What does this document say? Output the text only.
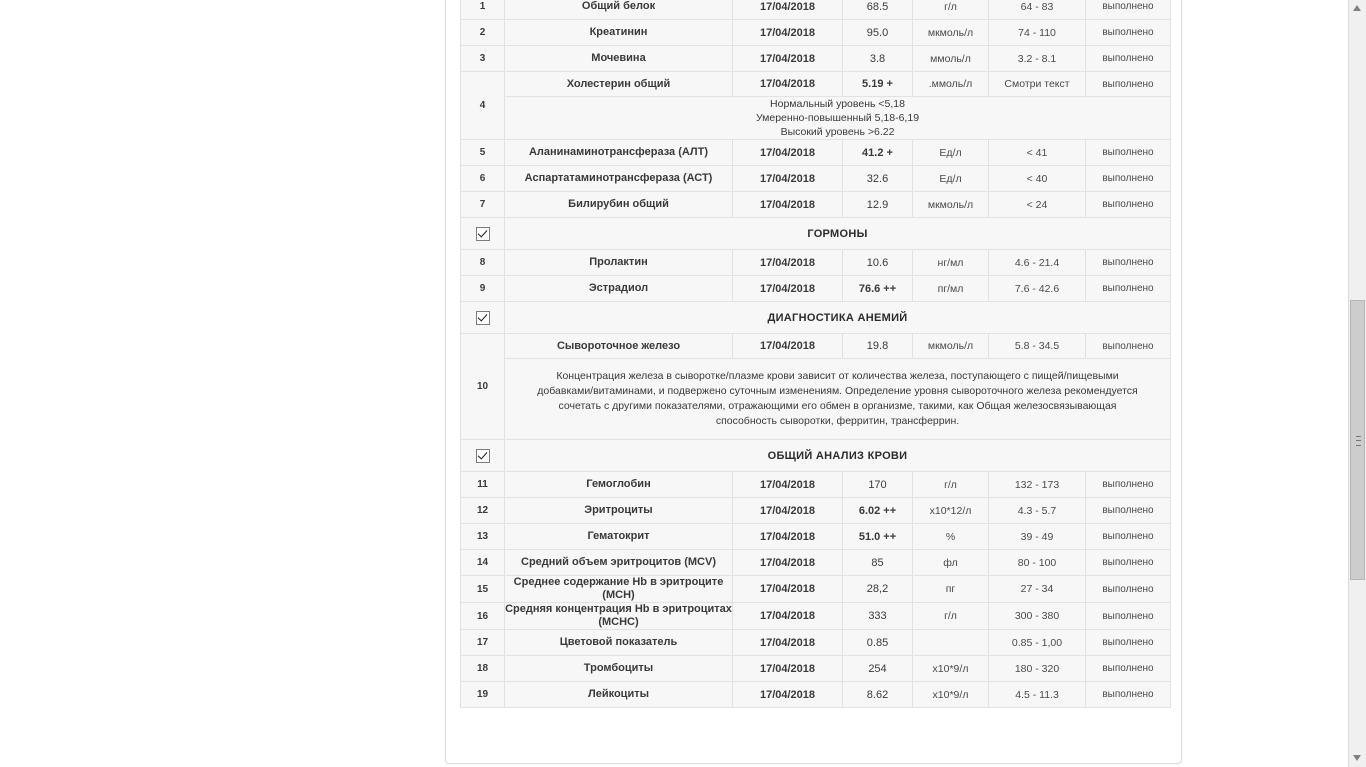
1	Общий белок	17/04/2018	68.5	г/л	64 - 83	выполнено
2	Креатинин	17/04/2018	95.0	мкмоль/л	74 - 110	выполнено
3	Мочевина	17/04/2018	3.8	ммоль/л	3.2 - 8.1	выполнено
4	Холестерин общий	17/04/2018	5.19 +	.ммоль/л	Смотри текст	выполнено
	Нормальный уровень <5,18
Умеренно-повышенный 5,18-6,19
Высокий уровень >6.22					
5	Аланинаминотрансфераза (АЛТ)	17/04/2018	41.2 +	Ед/л	< 41	выполнено
6	Аспартатаминотрансфераза (АСТ)	17/04/2018	32.6	Ед/л	< 40	выполнено
7	Билирубин общий	17/04/2018	12.9	мкмоль/л	< 24	выполнено
	ГОРМОНЫ					
8	Пролактин	17/04/2018	10.6	нг/мл	4.6 - 21.4	выполнено
9	Эстрадиол	17/04/2018	76.6 ++	пг/мл	7.6 - 42.6	выполнено
	ДИАГНОСТИКА АНЕМИЙ					
10	Сывороточное железо	17/04/2018	19.8	мкмоль/л	5.8 - 34.5	выполнено
	Концентрация железа в сыворотке/плазме крови зависит от количества железа, поступающего с пищей/пищевыми добавками/витаминами, и подвержено суточным изменениям. Определение уровня сывороточного железа рекомендуется сочетать с другими показателями, отражающими его обмен в организме, такими, как Общая железосвязывающая способность сыворотки, ферритин, трансферрин.					
	ОБЩИЙ АНАЛИЗ КРОВИ					
11	Гемоглобин	17/04/2018	170	г/л	132 - 173	выполнено
12	Эритроциты	17/04/2018	6.02 ++	x10*12/л	4.3 - 5.7	выполнено
13	Гематокрит	17/04/2018	51.0 ++	%	39 - 49	выполнено
14	Средний объем эритроцитов (MCV)	17/04/2018	85	фл	80 - 100	выполнено
15	Среднее содержание Hb в эритроците (MCH)	17/04/2018	28,2	пг	27 - 34	выполнено
16	Средняя концентрация Hb в эритроцитах (MCHC)	17/04/2018	333	г/л	300 - 380	выполнено
17	Цветовой показатель	17/04/2018	0.85		0.85 - 1,00	выполнено
18	Тромбоциты	17/04/2018	254	x10*9/л	180 - 320	выполнено
19	Лейкоциты	17/04/2018	8.62	x10*9/л	4.5 - 11.3	выполнено
